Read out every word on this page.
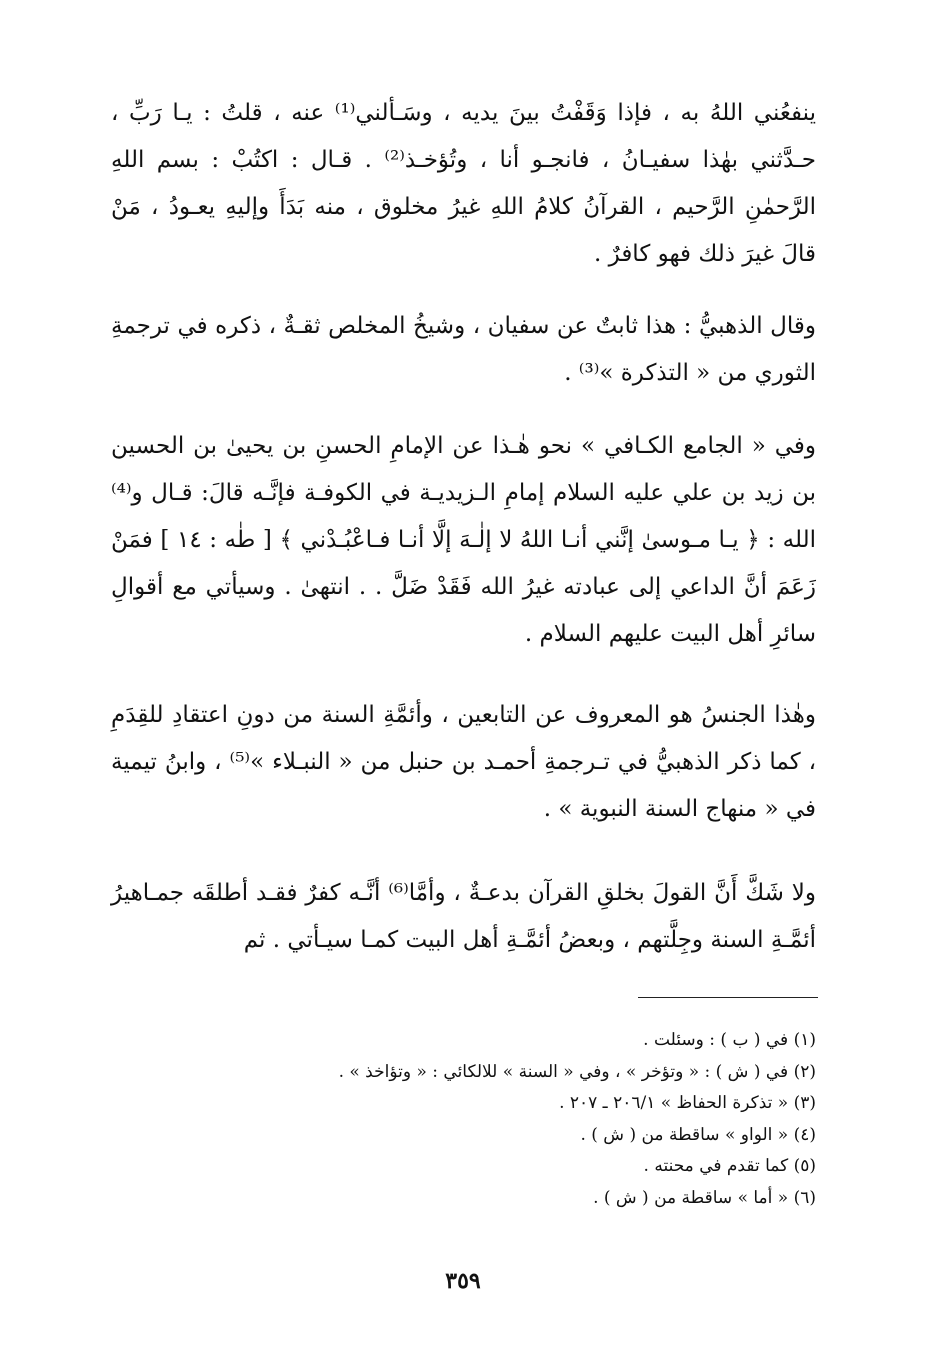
ينفعُني اللهُ به ، فإذا وَقَفْتُ بينَ يديه ، وسَـألني⁽¹⁾ عنه ، قلتُ : يـا رَبِّ ، حـدَّثني بهٰذا سفيـانُ ، فانجـو أنا ، وتُؤخـذ⁽²⁾ . قـال : اكتُبْ : بسم اللهِ الرَّحمٰنِ الرَّحيم ، القرآنُ كلامُ اللهِ غيرُ مخلوق ، منه بَدَأَ وإليهِ يعـودُ ، مَنْ قالَ غيرَ ذلك فهو كافرٌ .
وقال الذهبيُّ : هذا ثابتٌ عن سفيان ، وشيخُ المخلص ثقـةٌ ، ذكره في ترجمةِ الثوري من « التذكرة »⁽³⁾ .
وفي « الجامع الكـافي » نحو هٰـذا عن الإمامِ الحسنِ بن يحيىٰ بن الحسين بن زيد بن علي عليه السلام إمامِ الـزيديـة في الكوفـة فإنَّـه قالَ: قـال و⁽⁴⁾ الله : ﴿ يـا مـوسىٰ إنَّني أنـا اللهُ لا إلٰـهَ إلَّا أنـا فـاعْبُـدْني ﴾ [ طٰه : ١٤ ] فمَنْ زَعَمَ أنَّ الداعي إلى عبادته غيرُ الله فَقَدْ ضَلَّ . . انتهىٰ . وسيأتي مع أقوالِ سائرِ أهل البيت عليهم السلام .
وهٰذا الجنسُ هو المعروف عن التابعين ، وأئمَّةِ السنة من دونِ اعتقادِ للقِدَمِ ، كما ذكر الذهبيُّ في تـرجمةِ أحمـد بن حنبل من « النبـلاء »⁽⁵⁾ ، وابنُ تيمية في « منهاج السنة النبوية » .
ولا شَكَّ أَنَّ القولَ بخلقِ القرآن بدعـةٌ ، وأمَّا⁽⁶⁾ أنَّـه كفرٌ فقـد أطلقَه جمـاهيرُ أئمَّـةِ السنة وجِلَّتهم ، وبعضُ أئمَّـةِ أهل البيت كمـا سيـأتي . ثم
(١) في ( ب ) : وسئلت .
(٢) في ( ش ) : « وتؤخر » ، وفي « السنة » للالكائي : « وتؤاخذ » .
(٣) « تذكرة الحفاظ » ٢٠٦/١ ـ ٢٠٧ .
(٤) « الواو » ساقطة من ( ش ) .
(٥) كما تقدم في محنته .
(٦) « أما » ساقطة من ( ش ) .
٣٥٩
